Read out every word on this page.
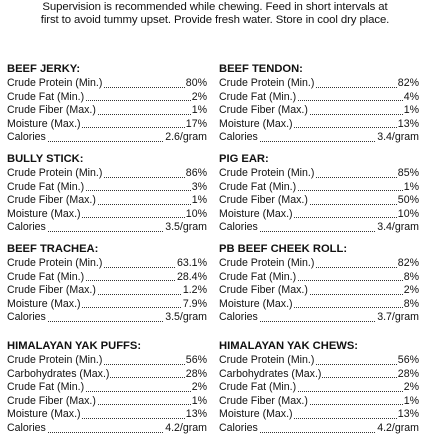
Supervision is recommended while chewing. Feed in short intervals at
first to avoid tummy upset. Provide fresh water. Store in cool dry place.
BEEF JERKY:
Crude Protein (Min.)	80%
Crude Fat (Min.)	2%
Crude Fiber (Max.)	1%
Moisture (Max.)	17%
Calories	2.6/gram
BULLY STICK:
Crude Protein (Min.)	86%
Crude Fat (Min.)	3%
Crude Fiber (Max.)	1%
Moisture (Max.)	10%
Calories	3.5/gram
BEEF TRACHEA:
Crude Protein (Min.)	63.1%
Crude Fat (Min.)	28.4%
Crude Fiber (Max.)	1.2%
Moisture (Max.)	7.9%
Calories	3.5/gram
HIMALAYAN YAK PUFFS:
Crude Protein (Min.)	56%
Carbohydrates (Max.)	28%
Crude Fat (Min.)	2%
Crude Fiber (Max.)	1%
Moisture (Max.)	13%
Calories	4.2/gram
BEEF TENDON:
Crude Protein (Min.)	82%
Crude Fat (Min.)	4%
Crude Fiber (Max.)	1%
Moisture (Max.)	13%
Calories	3.4/gram
PIG EAR:
Crude Protein (Min.)	85%
Crude Fat (Min.)	1%
Crude Fiber (Max.)	50%
Moisture (Max.)	10%
Calories	3.4/gram
PB BEEF CHEEK ROLL:
Crude Protein (Min.)	82%
Crude Fat (Min.)	8%
Crude Fiber (Max.)	2%
Moisture (Max.)	8%
Calories	3.7/gram
HIMALAYAN YAK CHEWS:
Crude Protein (Min.)	56%
Carbohydrates (Max.)	28%
Crude Fat (Min.)	2%
Crude Fiber (Max.)	1%
Moisture (Max.)	13%
Calories	4.2/gram
